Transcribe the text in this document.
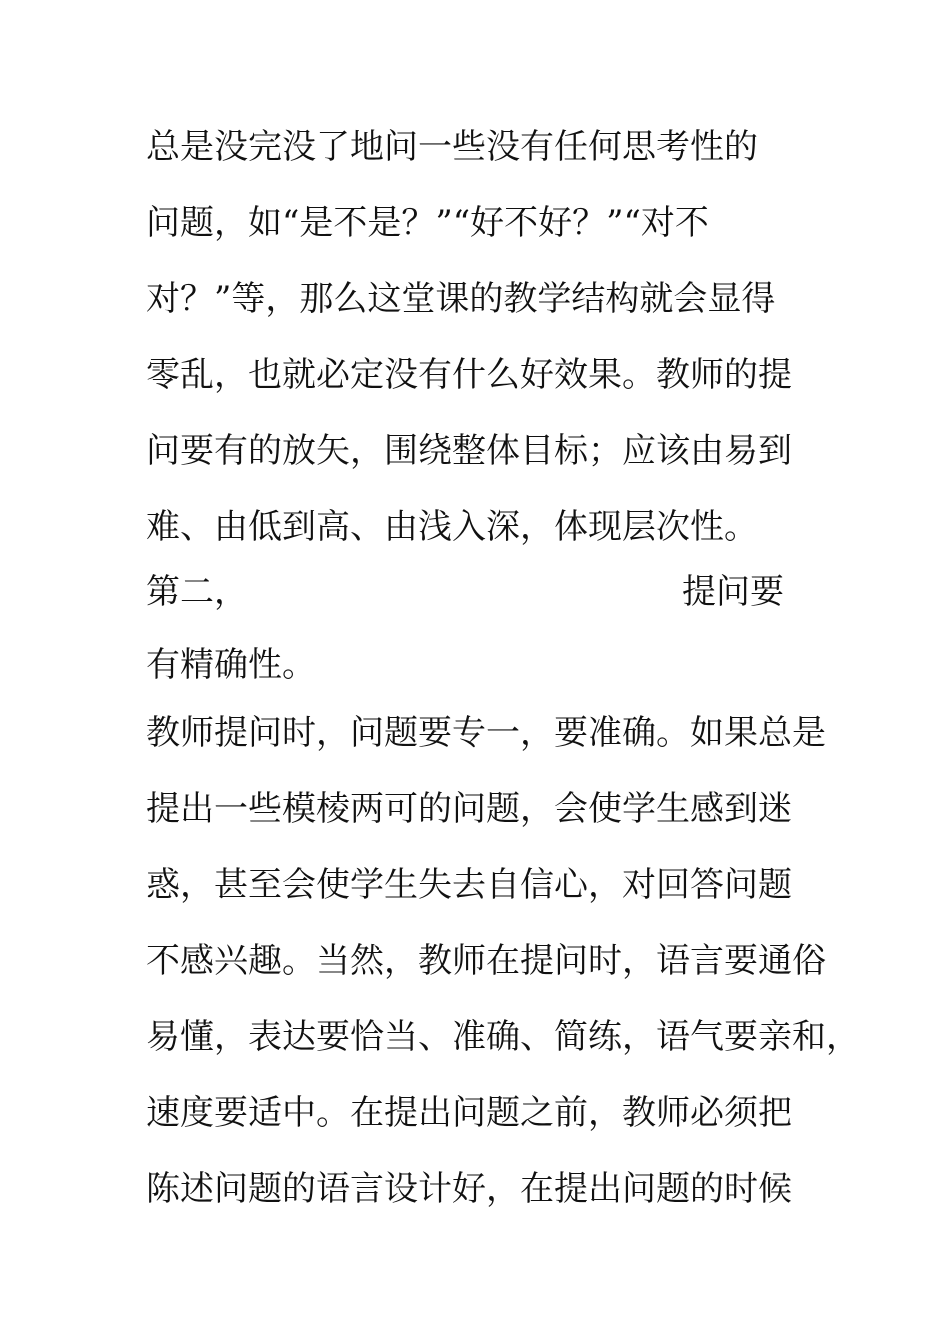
总是没完没了地问一些没有任何思考性的
问题，如“是不是？”“好不好？”“对不
对？”等，那么这堂课的教学结构就会显得
零乱，也就必定没有什么好效果。教师的提
问要有的放矢，围绕整体目标；应该由易到
难、由低到高、由浅入深，体现层次性。
第二，	提问要
有精确性。
教师提问时，问题要专一，要准确。如果总是
提出一些模棱两可的问题，会使学生感到迷
惑，甚至会使学生失去自信心，对回答问题
不感兴趣。当然，教师在提问时，语言要通俗
易懂，表达要恰当、准确、简练，语气要亲和，
速度要适中。在提出问题之前，教师必须把
陈述问题的语言设计好，在提出问题的时候
